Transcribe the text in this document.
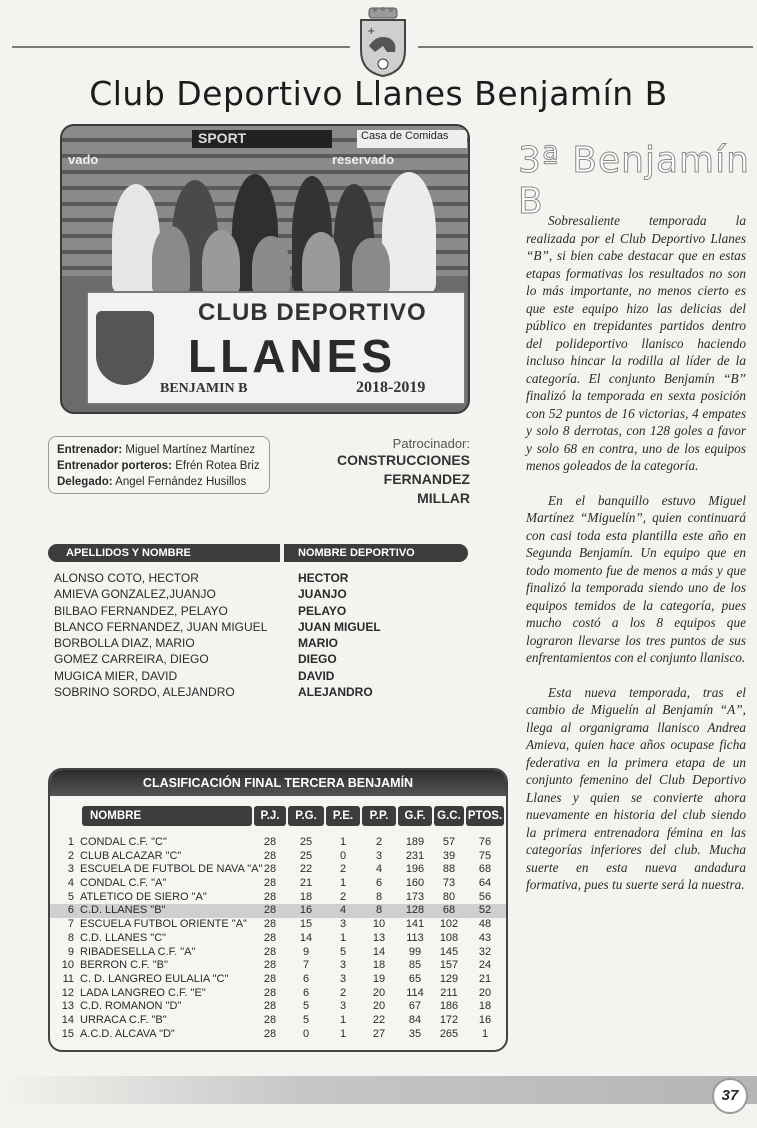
+
Club Deportivo Llanes Benjamín B
SPORT	Casa de Comidas
vado	reservado
CLUB DEPORTIVO
LLANES
BENJAMIN B	2018-2019
3ª Benjamín B
Entrenador: Miguel Martínez Martínez
Entrenador porteros: Efrén Rotea Briz
Delegado: Angel Fernández Husillos
Patrocinador:
CONSTRUCCIONES
FERNANDEZ
MILLAR
APELLIDOS Y NOMBRE	NOMBRE DEPORTIVO
ALONSO COTO, HECTOR	HECTOR
AMIEVA GONZALEZ,JUANJO	JUANJO
BILBAO FERNANDEZ, PELAYO	PELAYO
BLANCO FERNANDEZ, JUAN MIGUEL	JUAN MIGUEL
BORBOLLA DIAZ, MARIO	MARIO
GOMEZ CARREIRA, DIEGO	DIEGO
MUGICA MIER, DAVID	DAVID
SOBRINO SORDO, ALEJANDRO	ALEJANDRO
CLASIFICACIÓN FINAL TERCERA BENJAMÍN
NOMBRE	P.J.	P.G.	P.E.	P.P.	G.F.	G.C. PTOS.
1 CONDAL C.F. "C"	28	25	1	2	189	57	76
2 CLUB ALCAZAR "C"	28	25	0	3	231	39	75
3 ESCUELA DE FUTBOL DE NAVA "A" 28	22	2	4	196	88	68
4 CONDAL C.F. "A"	28	21	1	6	160	73	64
5 ATLETICO DE SIERO "A"	28	18	2	8	173	80	56
6 C.D. LLANES "B"	28	16	4	8	128	68	52
7 ESCUELA FUTBOL ORIENTE "A"	28	15	3	10	141	102	48
8 C.D. LLANES "C"	28	14	1	13	113	108	43
9 RIBADESELLA C.F. "A"	28	9	5	14	99	145	32
10 BERRON C.F. "B"	28	7	3	18	85	157	24
11 C. D. LANGREO EULALIA "C"	28	6	3	19	65	129	21
12 LADA LANGREO C.F. "E"	28	6	2	20	114	211	20
13 C.D. ROMANON "D"	28	5	3	20	67	186	18
14 URRACA C.F. "B"	28	5	1	22	84	172	16
15 A.C.D. ALCAVA "D"	28	0	1	27	35	265	1

Sobresaliente temporada la realizada por el Club Deportivo Llanes “B”, si bien cabe destacar que en estas etapas formativas los resultados no son lo más importante, no menos cierto es que este equipo hizo las delicias del público en trepidantes partidos dentro del polideportivo llanisco haciendo incluso hincar la rodilla al líder de la categoría. El conjunto Benjamín “B” finalizó la temporada en sexta posición con 52 puntos de 16 victorias, 4 empates y solo 8 derrotas, con 128 goles a favor y solo 68 en contra, uno de los equipos menos goleados de la categoría.

En el banquillo estuvo Miguel Martínez “Miguelín”, quien continuará con casi toda esta plantilla este año en Segunda Benjamín. Un equipo que en todo momento fue de menos a más y que finalizó la temporada siendo uno de los equipos temidos de la categoría, pues mucho costó a los 8 equipos que lograron llevarse los tres puntos de sus enfrentamientos con el conjunto llanisco.

Esta nueva temporada, tras el cambio de Miguelín al Benjamín “A”, llega al organigrama llanisco Andrea Amieva, quien hace años ocupase ficha federativa en la primera etapa de un conjunto femenino del Club Deportivo Llanes y quien se convierte ahora nuevamente en historia del club siendo la primera entrenadora fémina en las categorías inferiores del club. Mucha suerte en esta nueva andadura formativa, pues tu suerte será la nuestra.

37
